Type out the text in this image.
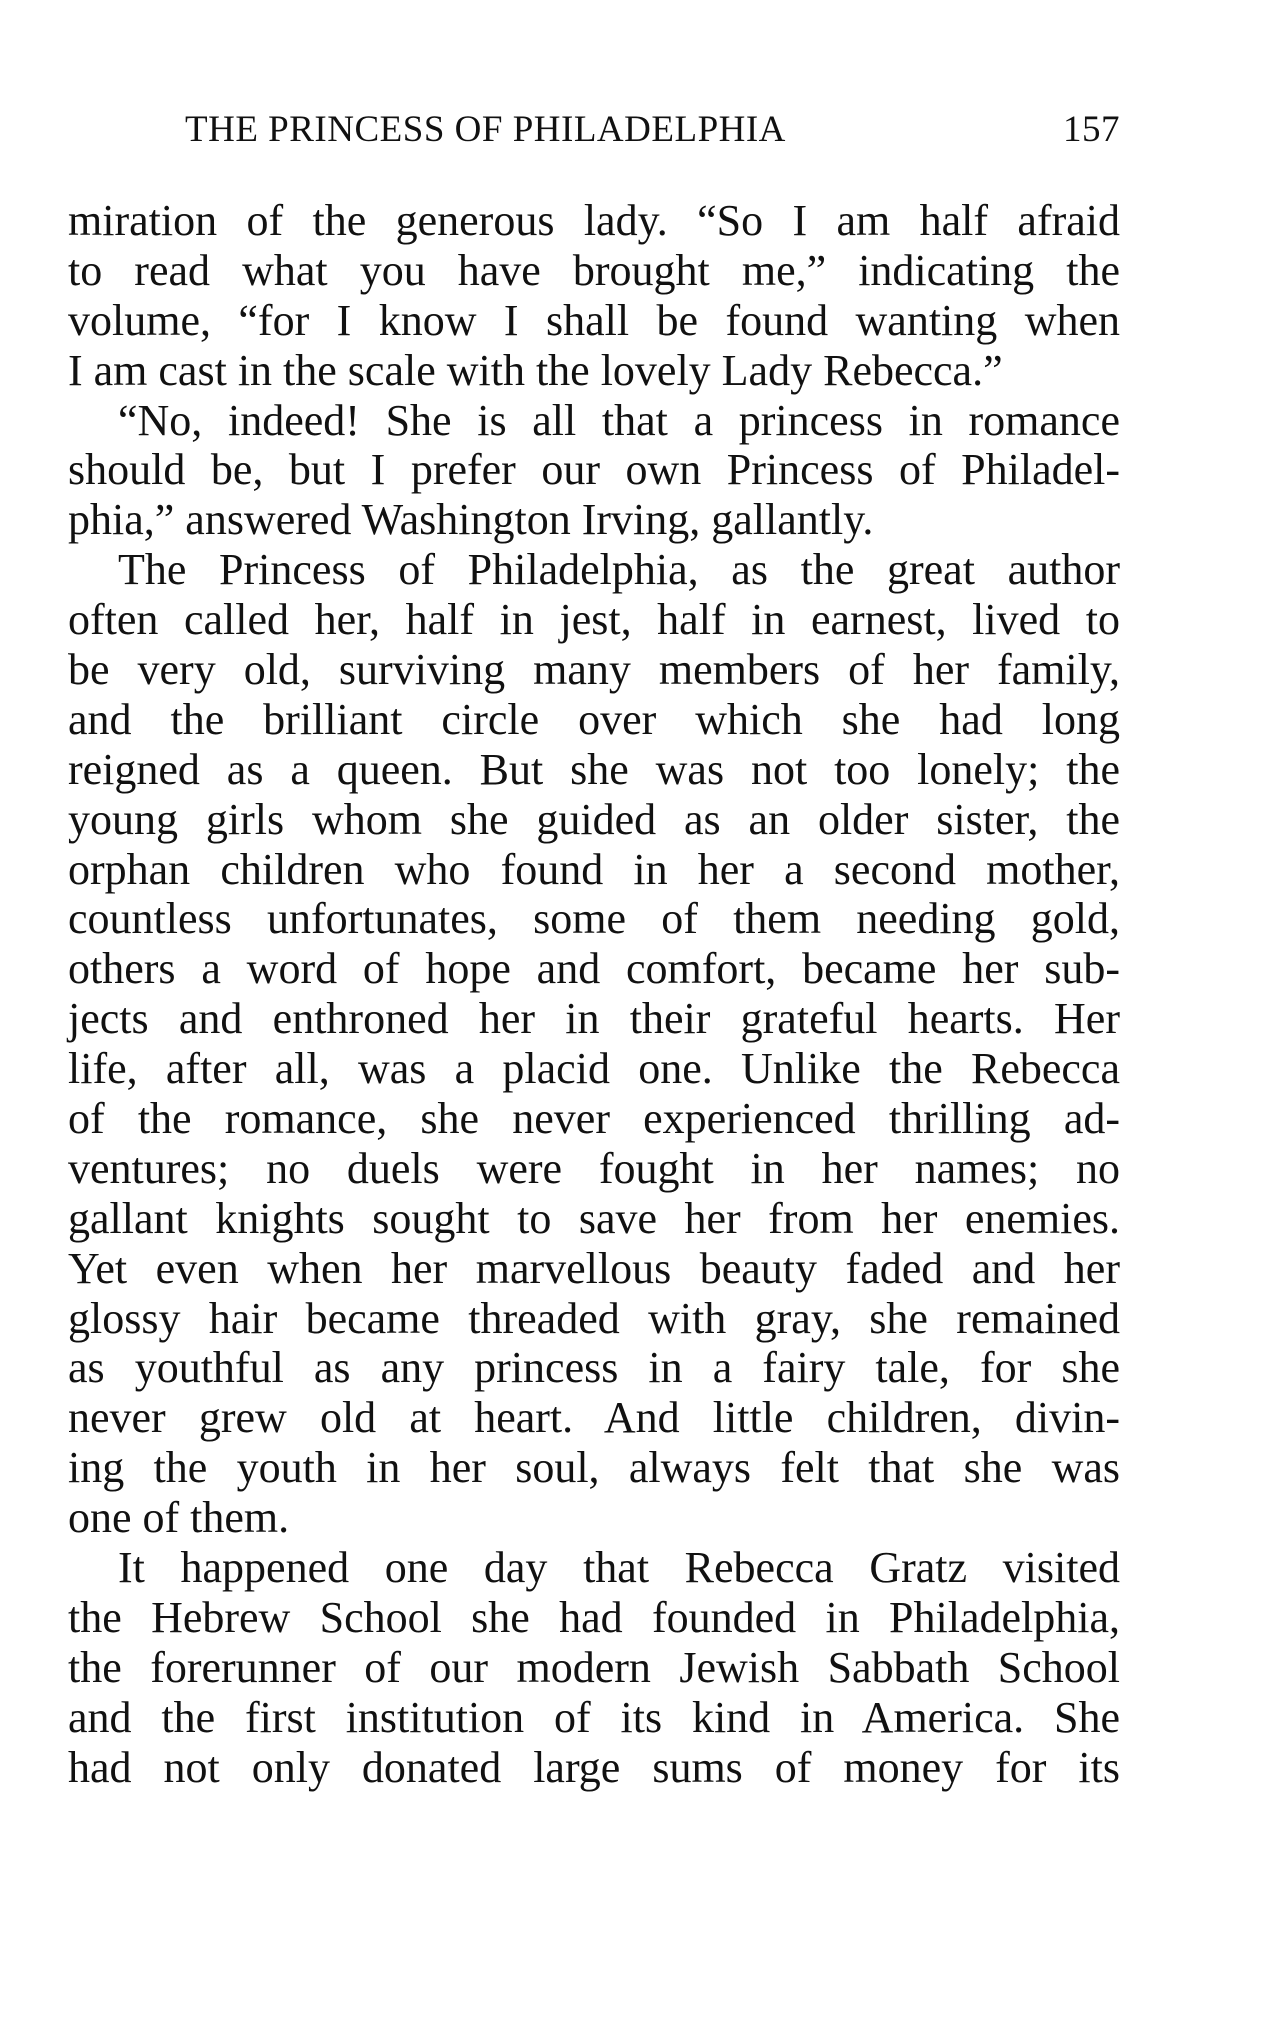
THE PRINCESS OF PHILADELPHIA	157
miration of the generous lady. “So I am half afraid
to read what you have brought me,” indicating the
volume, “for I know I shall be found wanting when
I am cast in the scale with the lovely Lady Rebecca.”
“No, indeed! She is all that a princess in romance
should be, but I prefer our own Princess of Philadel-
phia,” answered Washington Irving, gallantly.
The Princess of Philadelphia, as the great author
often called her, half in jest, half in earnest, lived to
be very old, surviving many members of her family,
and the brilliant circle over which she had long
reigned as a queen. But she was not too lonely; the
young girls whom she guided as an older sister, the
orphan children who found in her a second mother,
countless unfortunates, some of them needing gold,
others a word of hope and comfort, became her sub-
jects and enthroned her in their grateful hearts. Her
life, after all, was a placid one. Unlike the Rebecca
of the romance, she never experienced thrilling ad-
ventures; no duels were fought in her names; no
gallant knights sought to save her from her enemies.
Yet even when her marvellous beauty faded and her
glossy hair became threaded with gray, she remained
as youthful as any princess in a fairy tale, for she
never grew old at heart. And little children, divin-
ing the youth in her soul, always felt that she was
one of them.
It happened one day that Rebecca Gratz visited
the Hebrew School she had founded in Philadelphia,
the forerunner of our modern Jewish Sabbath School
and the first institution of its kind in America. She
had not only donated large sums of money for its
